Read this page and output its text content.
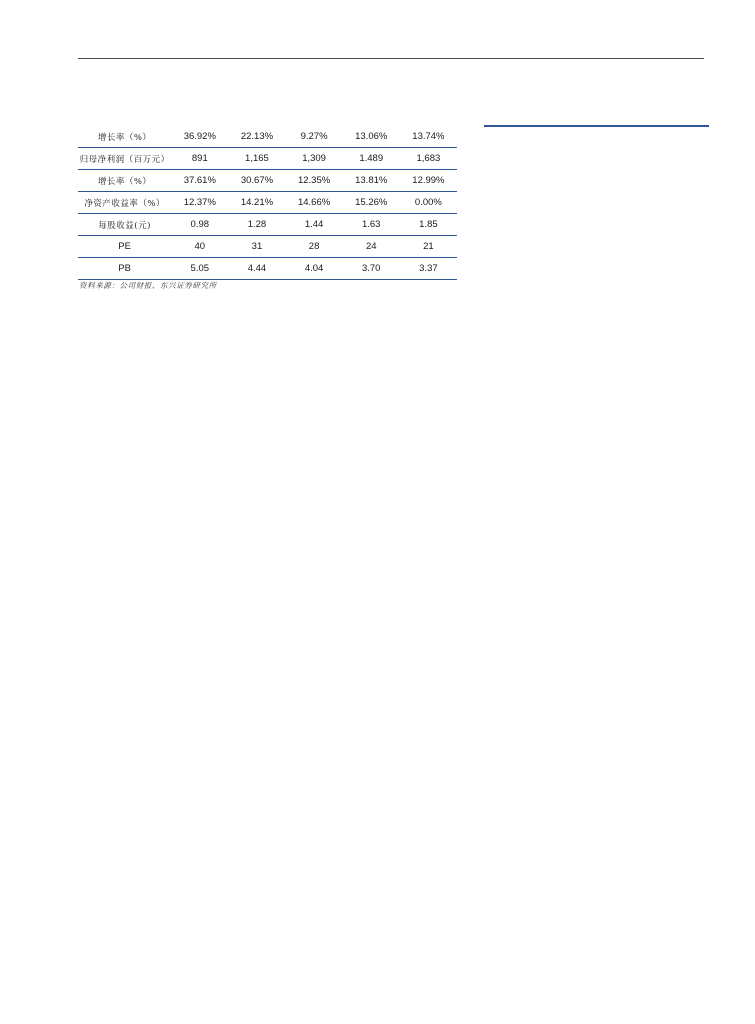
增长率（%）	36.92%	22.13%	9.27%	13.06%	13.74%
归母净利润（百万元）	891	1,165	1,309	1.489	1,683
增长率（%）	37.61%	30.67%	12.35%	13.81%	12.99%
净资产收益率（%）	12.37%	14.21%	14.66%	15.26%	0.00%
每股收益(元)	0.98	1.28	1.44	1.63	1.85
PE	40	31	28	24	21
PB	5.05	4.44	4.04	3.70	3.37
资料来源：公司财报、东兴证券研究所
